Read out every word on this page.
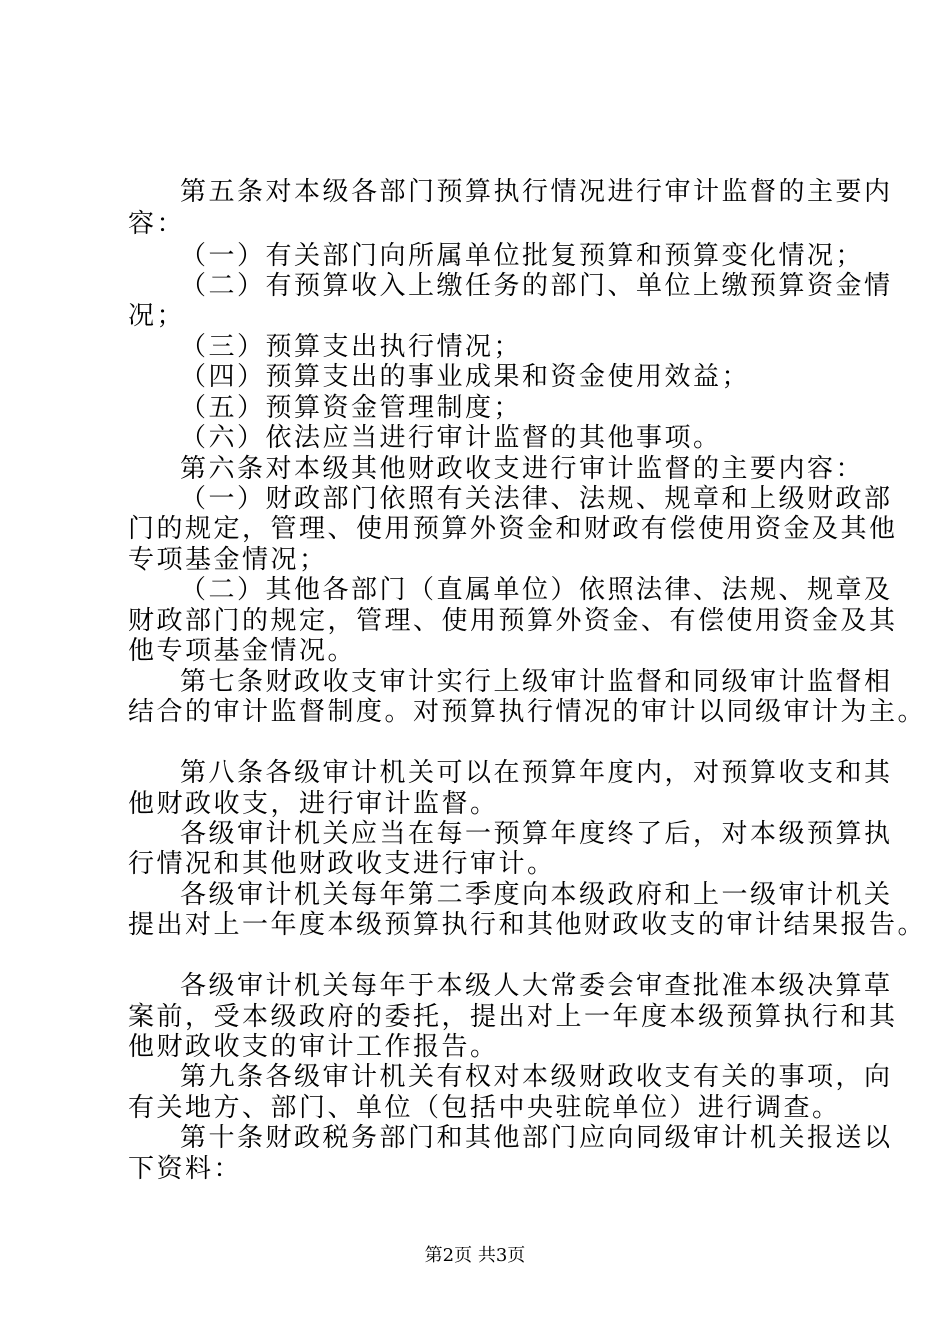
第五条对本级各部门预算执行情况进行审计监督的主要内
容：
（一）有关部门向所属单位批复预算和预算变化情况；
（二）有预算收入上缴任务的部门、单位上缴预算资金情
况；
（三）预算支出执行情况；
（四）预算支出的事业成果和资金使用效益；
（五）预算资金管理制度；
（六）依法应当进行审计监督的其他事项。
第六条对本级其他财政收支进行审计监督的主要内容：
（一）财政部门依照有关法律、法规、规章和上级财政部
门的规定，管理、使用预算外资金和财政有偿使用资金及其他
专项基金情况；
（二）其他各部门（直属单位）依照法律、法规、规章及
财政部门的规定，管理、使用预算外资金、有偿使用资金及其
他专项基金情况。
第七条财政收支审计实行上级审计监督和同级审计监督相
结合的审计监督制度。对预算执行情况的审计以同级审计为主。
第八条各级审计机关可以在预算年度内，对预算收支和其
他财政收支，进行审计监督。
各级审计机关应当在每一预算年度终了后，对本级预算执
行情况和其他财政收支进行审计。
各级审计机关每年第二季度向本级政府和上一级审计机关
提出对上一年度本级预算执行和其他财政收支的审计结果报告。
各级审计机关每年于本级人大常委会审查批准本级决算草
案前，受本级政府的委托，提出对上一年度本级预算执行和其
他财政收支的审计工作报告。
第九条各级审计机关有权对本级财政收支有关的事项，向
有关地方、部门、单位（包括中央驻皖单位）进行调查。
第十条财政税务部门和其他部门应向同级审计机关报送以
下资料：
第2页 共3页
